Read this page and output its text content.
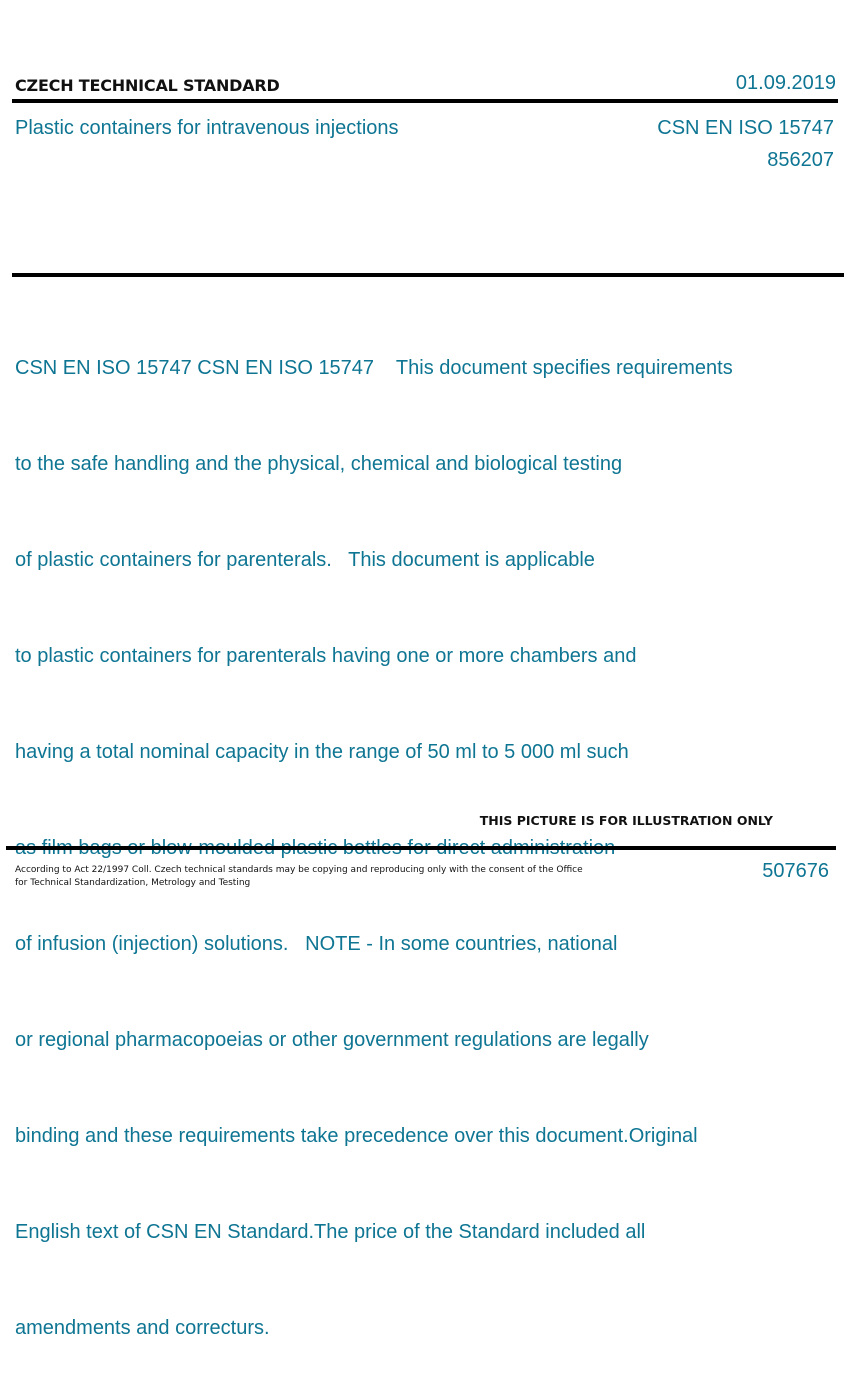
CZECH TECHNICAL STANDARD	01.09.2019
Plastic containers for intravenous injections	CSN EN ISO 15747
856207

CSN EN ISO 15747 CSN EN ISO 15747    This document specifies requirements

to the safe handling and the physical, chemical and biological testing

of plastic containers for parenterals.   This document is applicable

to plastic containers for parenterals having one or more chambers and

having a total nominal capacity in the range of 50 ml to 5 000 ml such

of infusion (injection) solutions.   NOTE - In some countries, national

or regional pharmacopoeias or other government regulations are legally

binding and these requirements take precedence over this document.Original

English text of CSN EN Standard.The price of the Standard included all

amendments and correcturs.

THIS PICTURE IS FOR ILLUSTRATION ONLY
According to Act 22/1997 Coll. Czech technical standards may be copying and reproducing only with the consent of the Office
for Technical Standardization, Metrology and Testing
507676
